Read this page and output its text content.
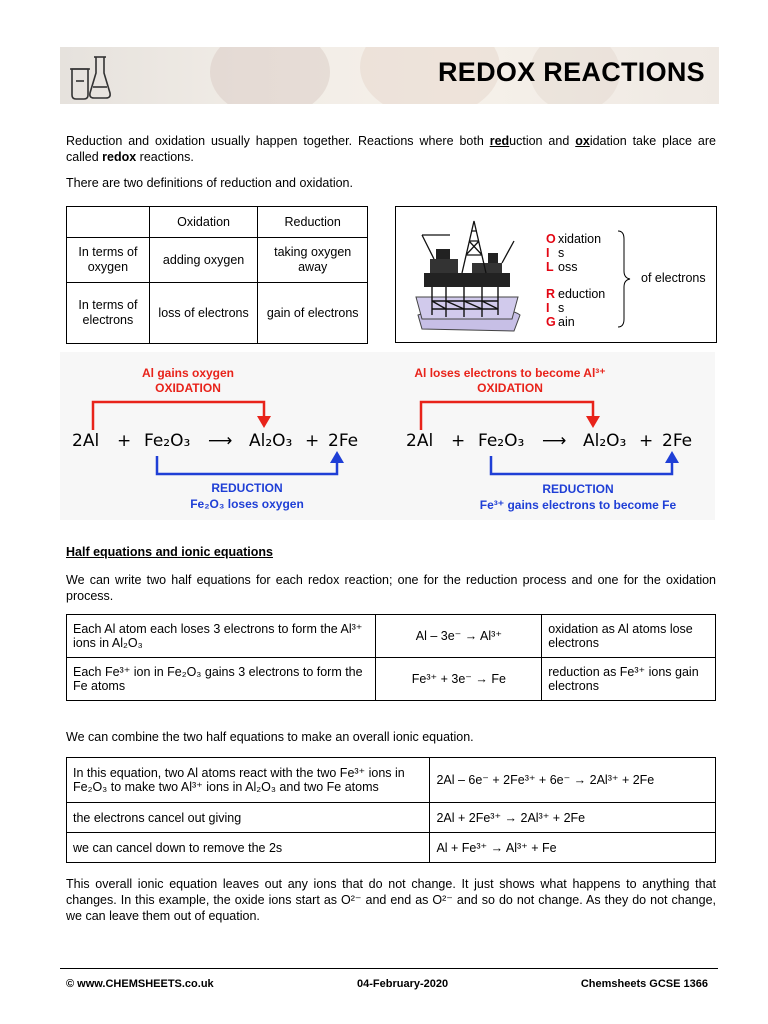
REDOX REACTIONS
Reduction and oxidation usually happen together. Reactions where both reduction and oxidation take place are called redox reactions.
There are two definitions of reduction and oxidation.
	Oxidation	Reduction
In terms of oxygen	adding oxygen	taking oxygen away
In terms of electrons	loss of electrons	gain of electrons
O xidation
I s
L oss
R eduction
I s
G ain
of electrons
Al gains oxygen
OXIDATION
2Al + Fe₂O₃ ⟶ Al₂O₃ + 2Fe
REDUCTION
Fe₂O₃ loses oxygen
Al loses electrons to become Al³⁺
OXIDATION
2Al + Fe₂O₃ ⟶ Al₂O₃ + 2Fe
REDUCTION
Fe³⁺ gains electrons to become Fe
Half equations and ionic equations
We can write two half equations for each redox reaction; one for the reduction process and one for the oxidation process.
Each Al atom each loses 3 electrons to form the Al³⁺ ions in Al₂O₃	Al – 3e⁻ → Al³⁺	oxidation as Al atoms lose electrons
Each Fe³⁺ ion in Fe₂O₃ gains 3 electrons to form the Fe atoms	Fe³⁺ + 3e⁻ → Fe	reduction as Fe³⁺ ions gain electrons
We can combine the two half equations to make an overall ionic equation.
In this equation, two Al atoms react with the two Fe³⁺ ions in Fe₂O₃ to make two Al³⁺ ions in Al₂O₃ and two Fe atoms	2Al – 6e⁻ + 2Fe³⁺ + 6e⁻ → 2Al³⁺ + 2Fe
the electrons cancel out giving	2Al + 2Fe³⁺ → 2Al³⁺ + 2Fe
we can cancel down to remove the 2s	Al + Fe³⁺ → Al³⁺ + Fe
This overall ionic equation leaves out any ions that do not change. It just shows what happens to anything that changes. In this example, the oxide ions start as O²⁻ and end as O²⁻ and so do not change. As they do not change, we can leave them out of equation.
© www.CHEMSHEETS.co.uk	04-February-2020	Chemsheets GCSE 1366
